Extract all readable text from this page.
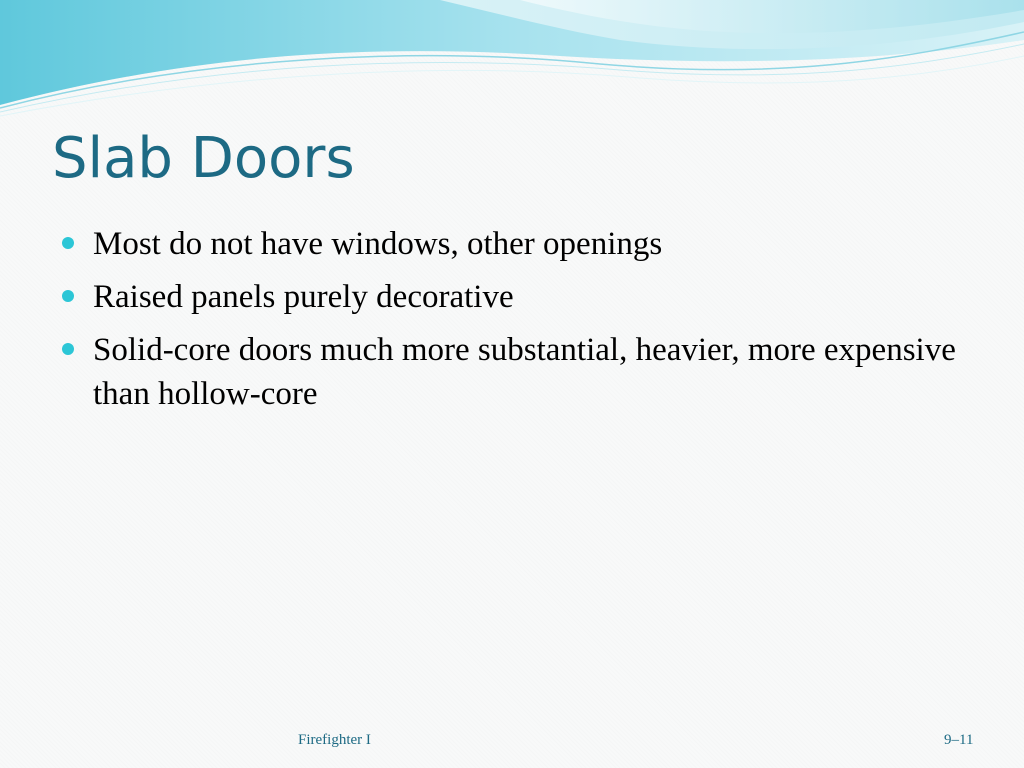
Slab Doors
Most do not have windows, other openings
Raised panels purely decorative
Solid-core doors much more substantial, heavier, more expensive than hollow-core
Firefighter I	9–11
